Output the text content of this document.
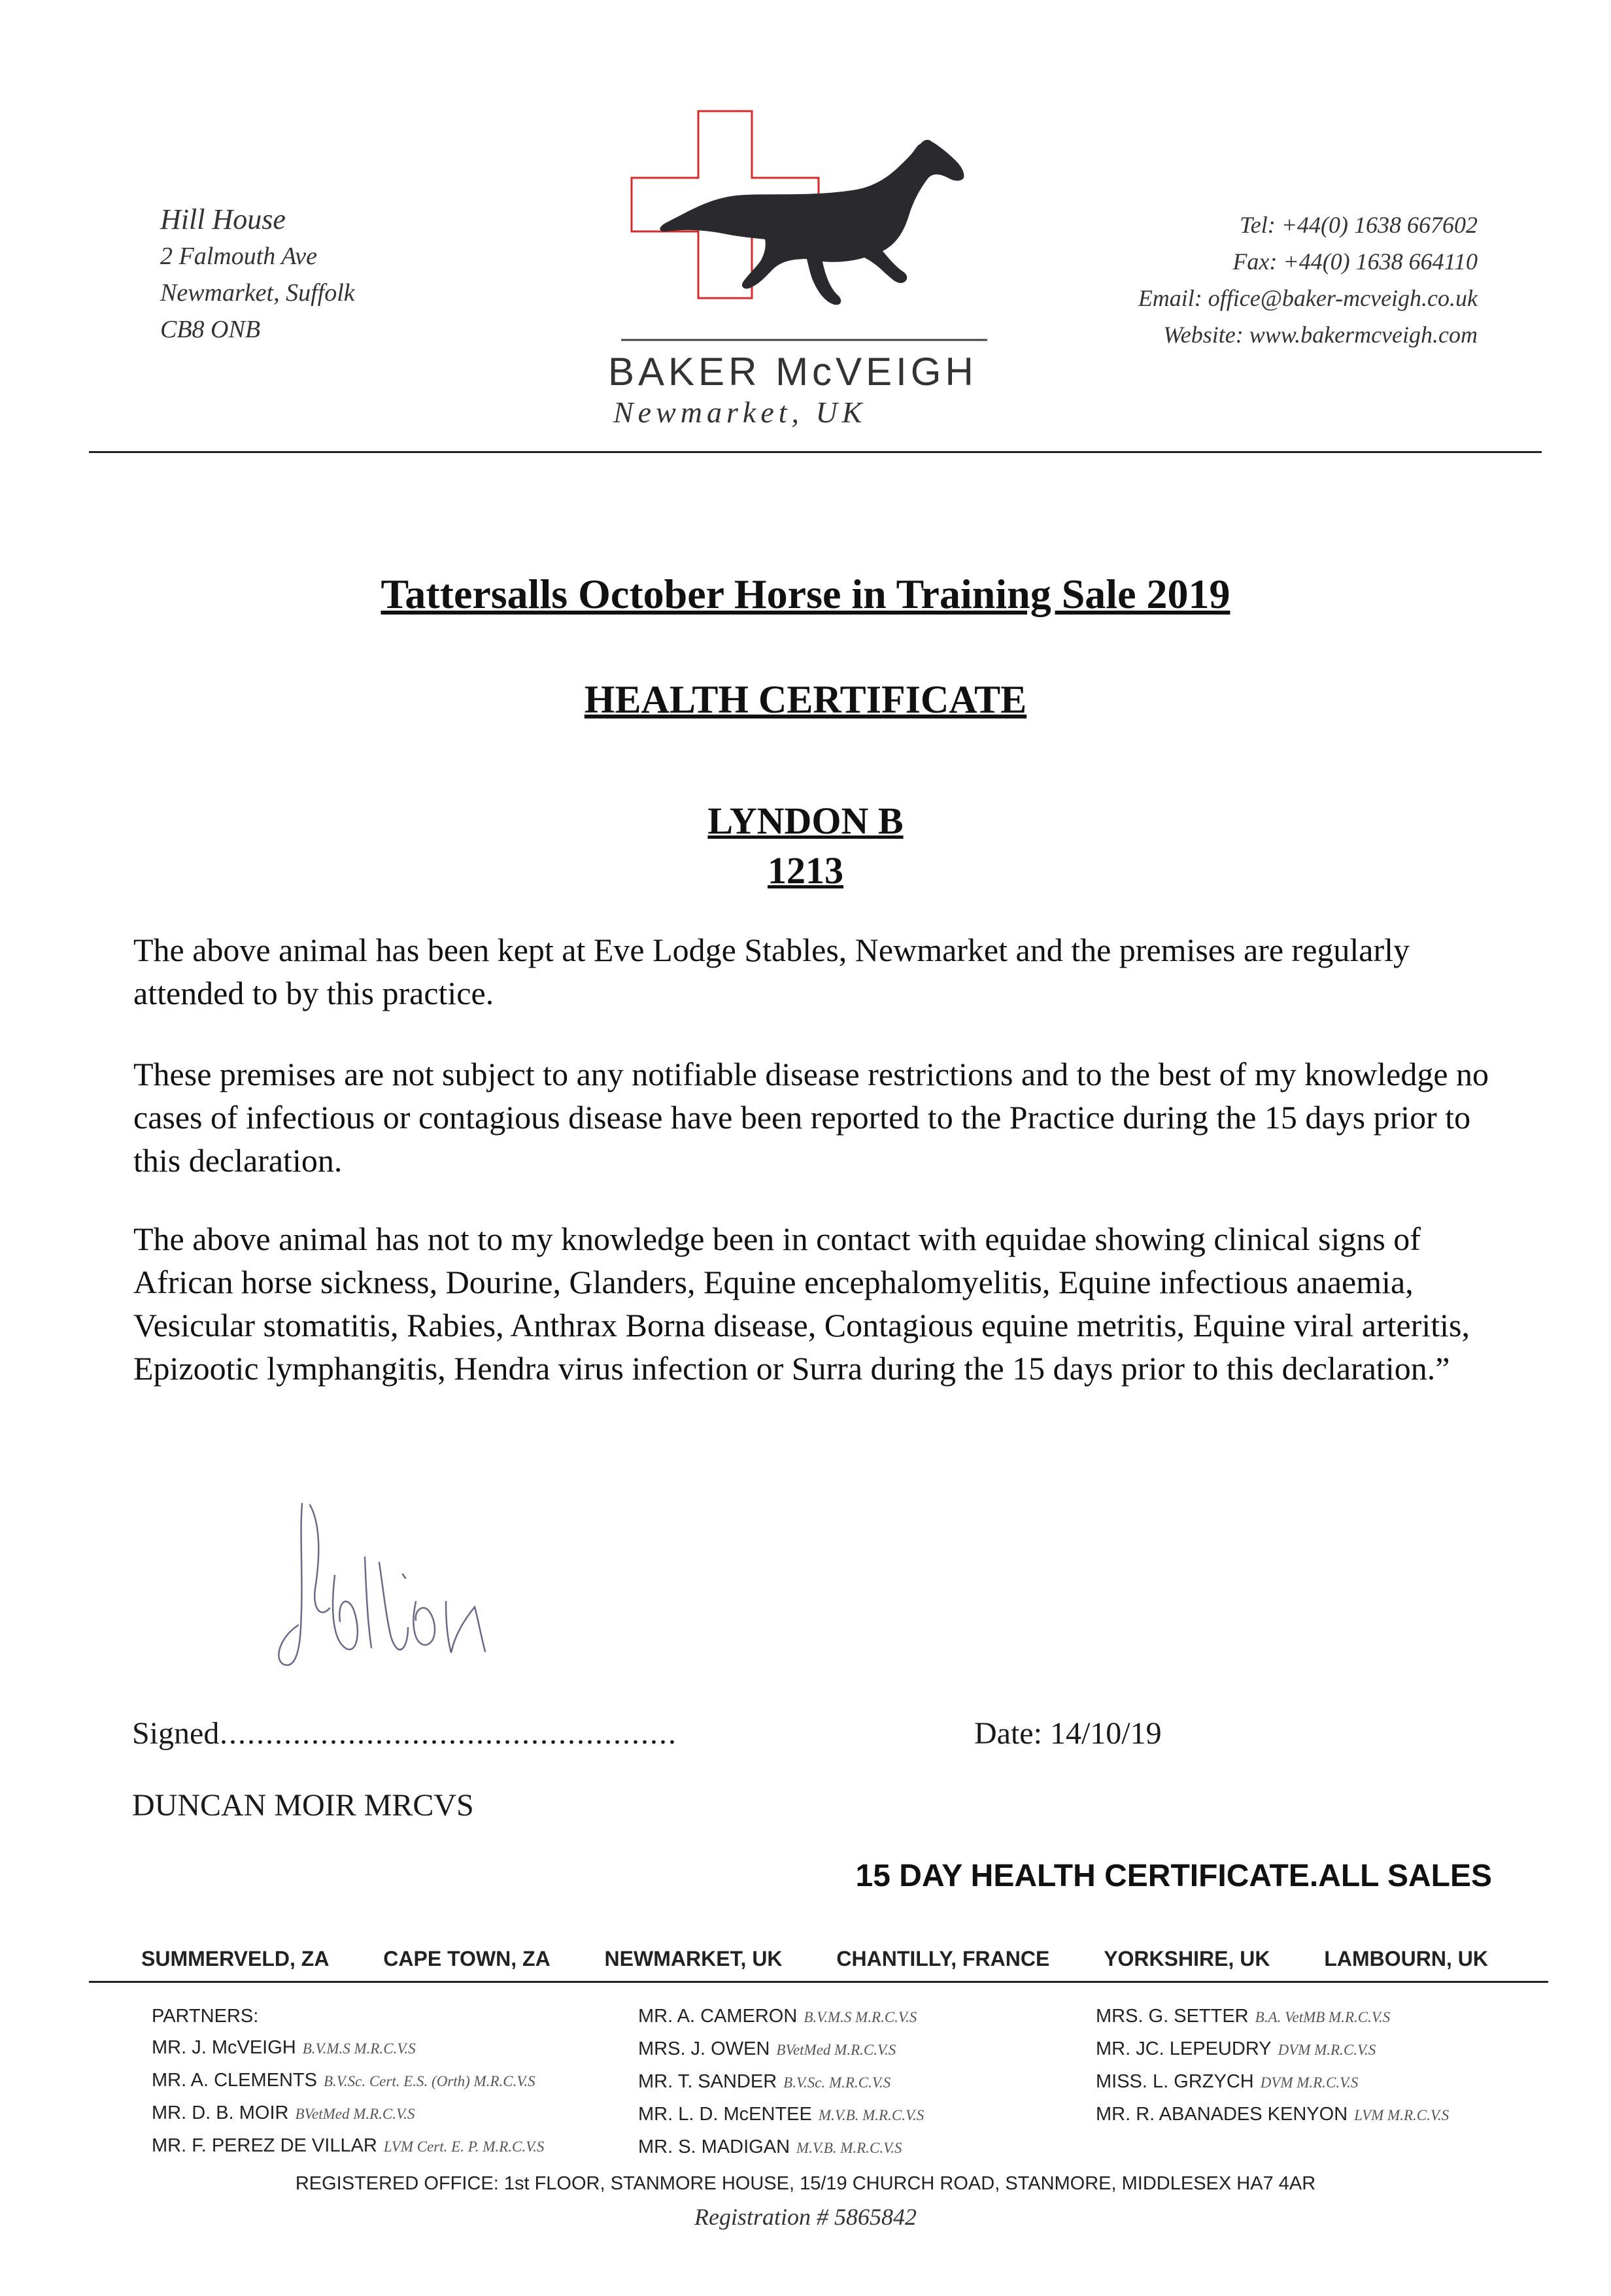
Hill House
2 Falmouth Ave
Newmarket, Suffolk
CB8 ONB
BAKER McVEIGH
Newmarket, UK
Tel: +44(0) 1638 667602
Fax: +44(0) 1638 664110
Email: office@baker-mcveigh.co.uk
Website: www.bakermcveigh.com
Tattersalls October Horse in Training Sale 2019
HEALTH CERTIFICATE
LYNDON B
1213
The above animal has been kept at Eve Lodge Stables, Newmarket and the premises are regularly attended to by this practice.
These premises are not subject to any notifiable disease restrictions and to the best of my knowledge no cases of infectious or contagious disease have been reported to the Practice during the 15 days prior to this declaration.
The above animal has not to my knowledge been in contact with equidae showing clinical signs of African horse sickness, Dourine, Glanders, Equine encephalomyelitis, Equine infectious anaemia, Vesicular stomatitis, Rabies, Anthrax Borna disease, Contagious equine metritis, Equine viral arteritis, Epizootic lymphangitis, Hendra virus infection or Surra during the 15 days prior to this declaration.”
Signed ..................................................	Date: 14/10/19
DUNCAN MOIR MRCVS
15 DAY HEALTH CERTIFICATE.ALL SALES
SUMMERVELD, ZA	CAPE TOWN, ZA	NEWMARKET, UK	CHANTILLY, FRANCE	YORKSHIRE, UK	LAMBOURN, UK
PARTNERS:
MR. J. McVEIGH B.V.M.S M.R.C.V.S
MR. A. CLEMENTS B.V.Sc. Cert. E.S. (Orth) M.R.C.V.S
MR. D. B. MOIR BVetMed M.R.C.V.S
MR. F. PEREZ DE VILLAR LVM Cert. E. P. M.R.C.V.S
MR. A. CAMERON B.V.M.S M.R.C.V.S
MRS. J. OWEN BVetMed M.R.C.V.S
MR. T. SANDER B.V.Sc. M.R.C.V.S
MR. L. D. McENTEE M.V.B. M.R.C.V.S
MR. S. MADIGAN M.V.B. M.R.C.V.S
MRS. G. SETTER B.A. VetMB M.R.C.V.S
MR. JC. LEPEUDRY DVM M.R.C.V.S
MISS. L. GRZYCH DVM M.R.C.V.S
MR. R. ABANADES KENYON LVM M.R.C.V.S
REGISTERED OFFICE: 1st FLOOR, STANMORE HOUSE, 15/19 CHURCH ROAD, STANMORE, MIDDLESEX HA7 4AR
Registration # 5865842
